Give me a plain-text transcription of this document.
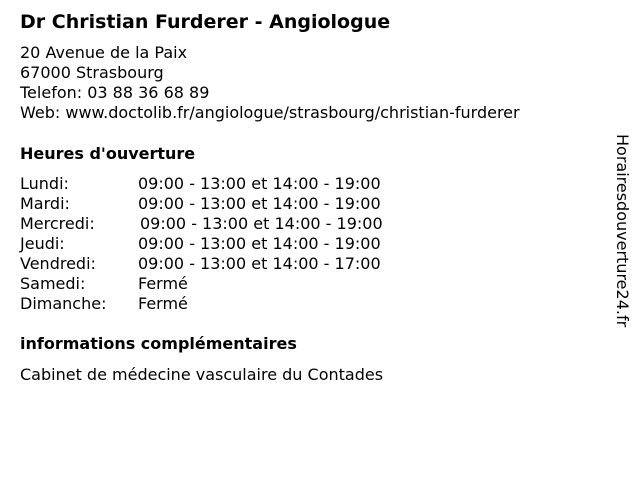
Dr Christian Furderer - Angiologue
20 Avenue de la Paix
67000 Strasbourg
Telefon: 03 88 36 68 89
Web: www.doctolib.fr/angiologue/strasbourg/christian-furderer
Heures d'ouverture
Lundi:	09:00 - 13:00 et 14:00 - 19:00
Mardi:	09:00 - 13:00 et 14:00 - 19:00
Mercredi:	09:00 - 13:00 et 14:00 - 19:00
Jeudi:	09:00 - 13:00 et 14:00 - 19:00
Vendredi:	09:00 - 13:00 et 14:00 - 17:00
Samedi:	Fermé
Dimanche: Fermé
informations complémentaires
Cabinet de médecine vasculaire du Contades
Horairesdouverture24.fr
